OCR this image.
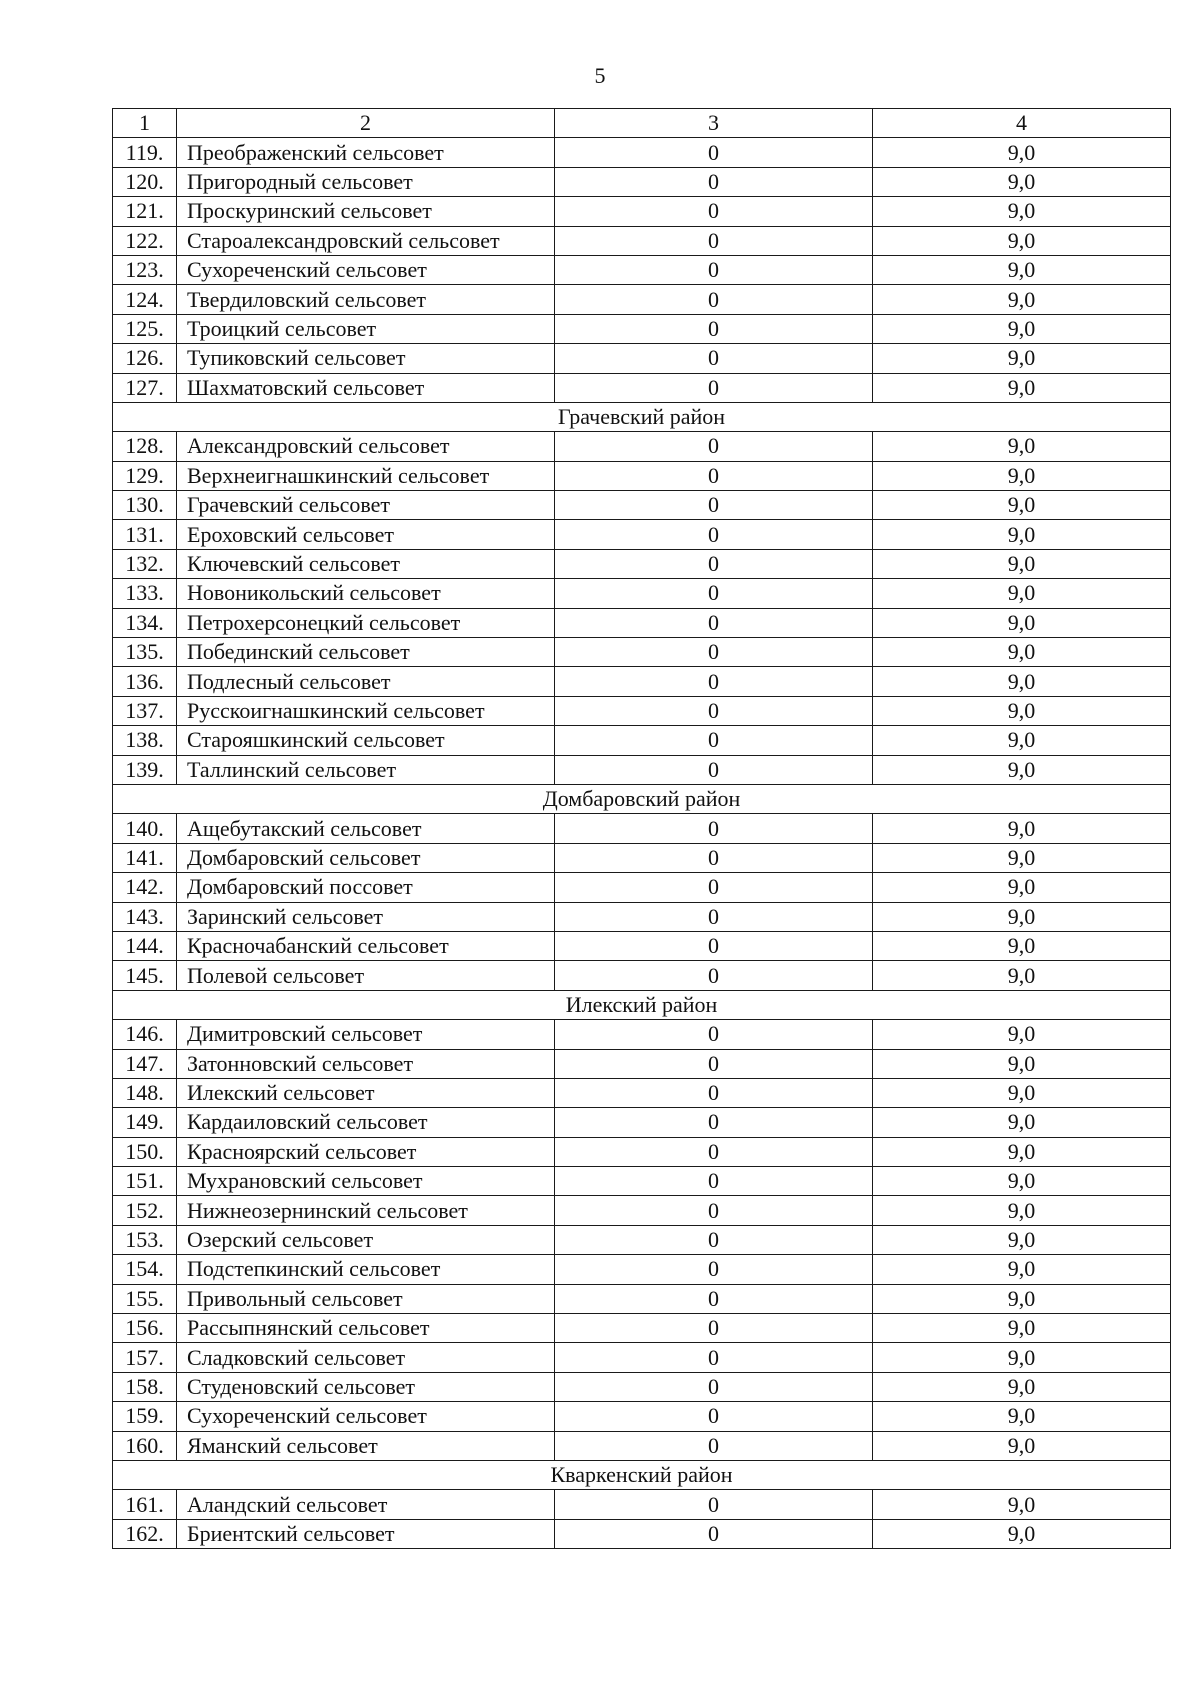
5
1	2	3	4
119.	Преображенский сельсовет	0	9,0
120.	Пригородный сельсовет	0	9,0
121.	Проскуринский сельсовет	0	9,0
122.	Староалександровский сельсовет	0	9,0
123.	Сухореченский сельсовет	0	9,0
124.	Твердиловский сельсовет	0	9,0
125.	Троицкий сельсовет	0	9,0
126.	Тупиковский сельсовет	0	9,0
127.	Шахматовский сельсовет	0	9,0
Грачевский район			
128.	Александровский сельсовет	0	9,0
129.	Верхнеигнашкинский сельсовет	0	9,0
130.	Грачевский сельсовет	0	9,0
131.	Ероховский сельсовет	0	9,0
132.	Ключевский сельсовет	0	9,0
133.	Новоникольский сельсовет	0	9,0
134.	Петрохерсонецкий сельсовет	0	9,0
135.	Побединский сельсовет	0	9,0
136.	Подлесный сельсовет	0	9,0
137.	Русскоигнашкинский сельсовет	0	9,0
138.	Старояшкинский сельсовет	0	9,0
139.	Таллинский сельсовет	0	9,0
Домбаровский район			
140.	Ащебутакский сельсовет	0	9,0
141.	Домбаровский сельсовет	0	9,0
142.	Домбаровский поссовет	0	9,0
143.	Заринский сельсовет	0	9,0
144.	Красночабанский сельсовет	0	9,0
145.	Полевой сельсовет	0	9,0
Илекский район			
146.	Димитровский сельсовет	0	9,0
147.	Затонновский сельсовет	0	9,0
148.	Илекский сельсовет	0	9,0
149.	Кардаиловский сельсовет	0	9,0
150.	Красноярский сельсовет	0	9,0
151.	Мухрановский сельсовет	0	9,0
152.	Нижнеозернинский сельсовет	0	9,0
153.	Озерский сельсовет	0	9,0
154.	Подстепкинский сельсовет	0	9,0
155.	Привольный сельсовет	0	9,0
156.	Рассыпнянский сельсовет	0	9,0
157.	Сладковский сельсовет	0	9,0
158.	Студеновский сельсовет	0	9,0
159.	Сухореченский сельсовет	0	9,0
160.	Яманский сельсовет	0	9,0
Кваркенский район			
161.	Аландский сельсовет	0	9,0
162.	Бриентский сельсовет	0	9,0
